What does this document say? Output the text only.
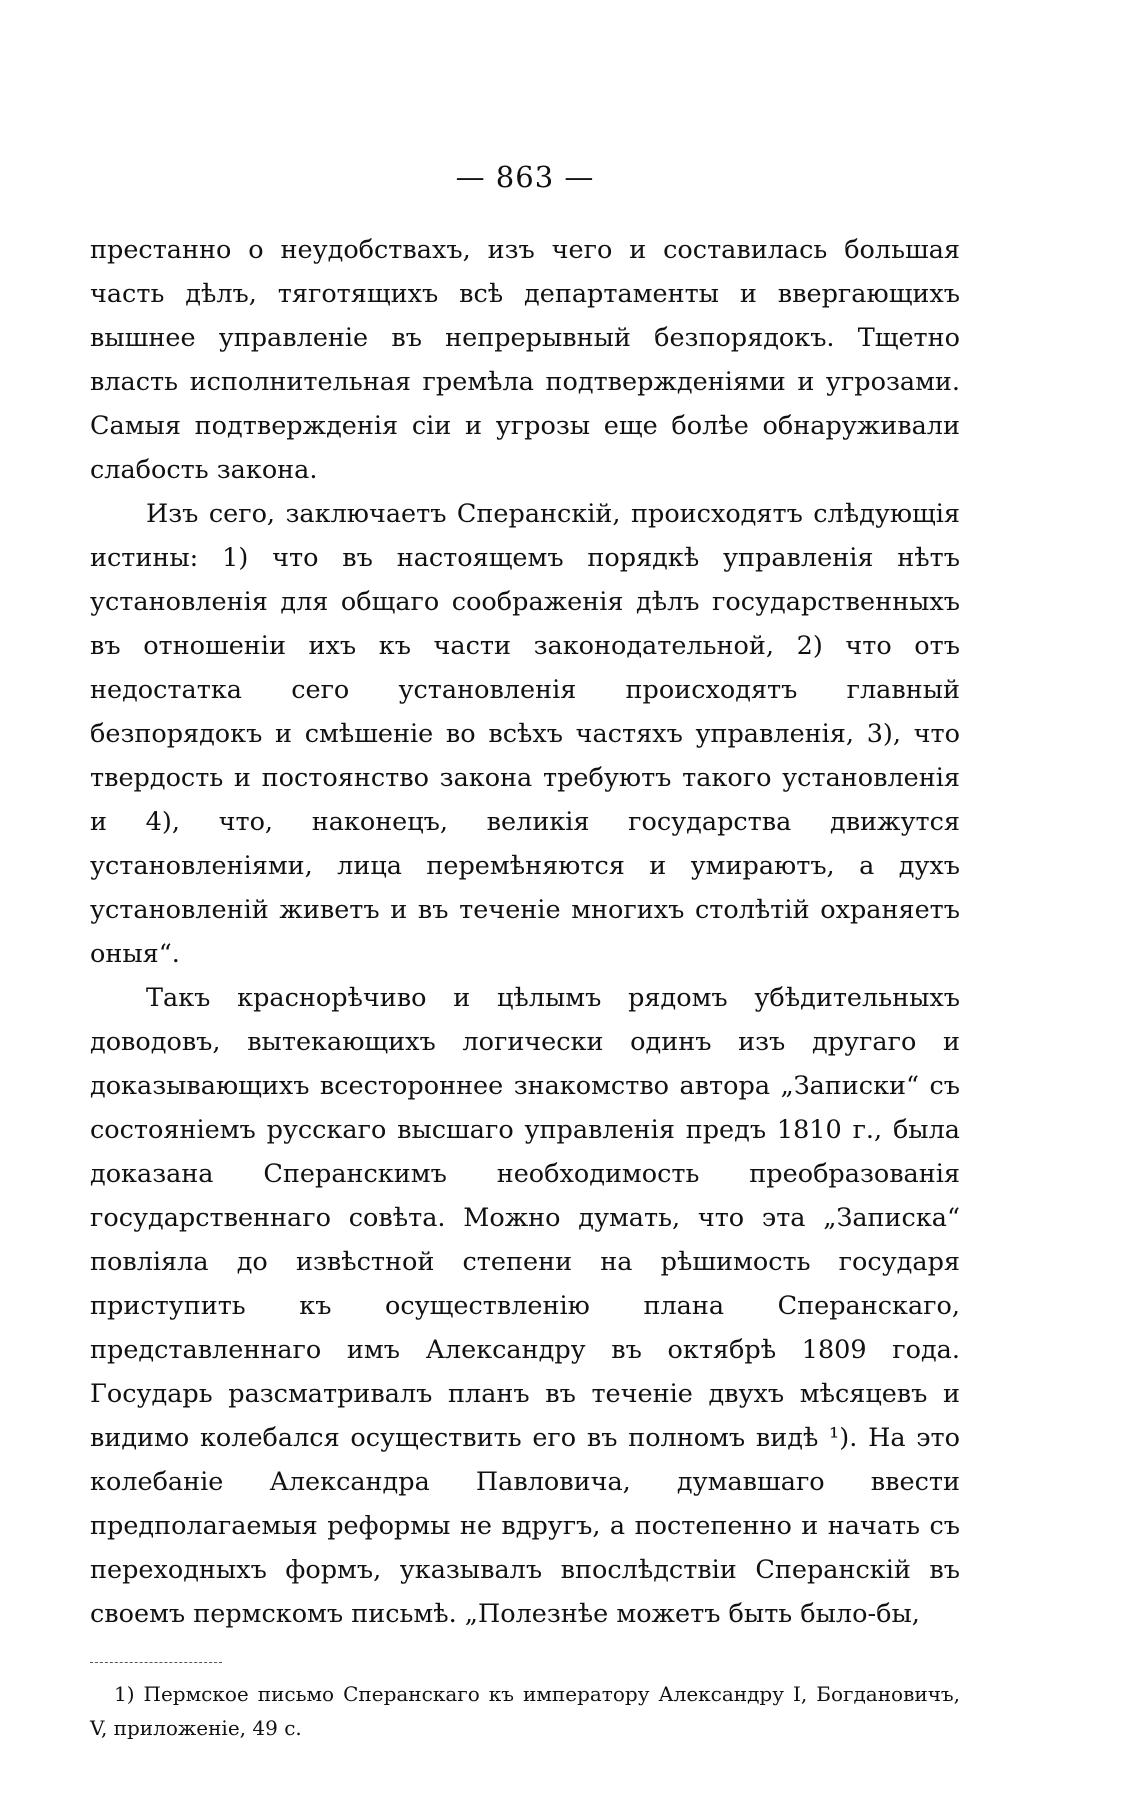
— 863 —

престанно о неудобствахъ, изъ чего и составилась большая часть дѣлъ, тяготящихъ всѣ департаменты и ввергающихъ вышнее управленіе въ непрерывный безпорядокъ. Тщетно власть исполнительная гремѣла подтвержденіями и угрозами. Самыя подтвержденія сіи и угрозы еще болѣе обнаруживали слабость закона.

Изъ сего, заключаетъ Сперанскій, происходятъ слѣдующія истины: 1) что въ настоящемъ порядкѣ управленія нѣтъ установленія для общаго соображенія дѣлъ государственныхъ въ отношеніи ихъ къ части законодательной, 2) что отъ недостатка сего установленія происходятъ главный безпорядокъ и смѣшеніе во всѣхъ частяхъ управленія, 3), что твердость и постоянство закона требуютъ такого установленія и 4), что, наконецъ, великія государства движутся установленіями, лица перемѣняются и умираютъ, а духъ установленій живетъ и въ теченіе многихъ столѣтій охраняетъ оныя“.

Такъ краснорѣчиво и цѣлымъ рядомъ убѣдительныхъ доводовъ, вытекающихъ логически одинъ изъ другаго и доказывающихъ всестороннее знакомство автора „Записки“ съ состояніемъ русскаго высшаго управленія предъ 1810 г., была доказана Сперанскимъ необходимость преобразованія государственнаго совѣта. Можно думать, что эта „Записка“ повліяла до извѣстной степени на рѣшимость государя приступить къ осуществленію плана Сперанскаго, представленнаго имъ Александру въ октябрѣ 1809 года. Государь разсматривалъ планъ въ теченіе двухъ мѣсяцевъ и видимо колебался осуществить его въ полномъ видѣ ¹). На это колебаніе Александра Павловича, думавшаго ввести предполагаемыя реформы не вдругъ, а постепенно и начать съ переходныхъ формъ, указывалъ впослѣдствіи Сперанскій въ своемъ пермскомъ письмѣ. „Полезнѣе можетъ быть было-бы,

1) Пермское письмо Сперанскаго къ императору Александру I, Богдановичъ, V, приложеніе, 49 с.
